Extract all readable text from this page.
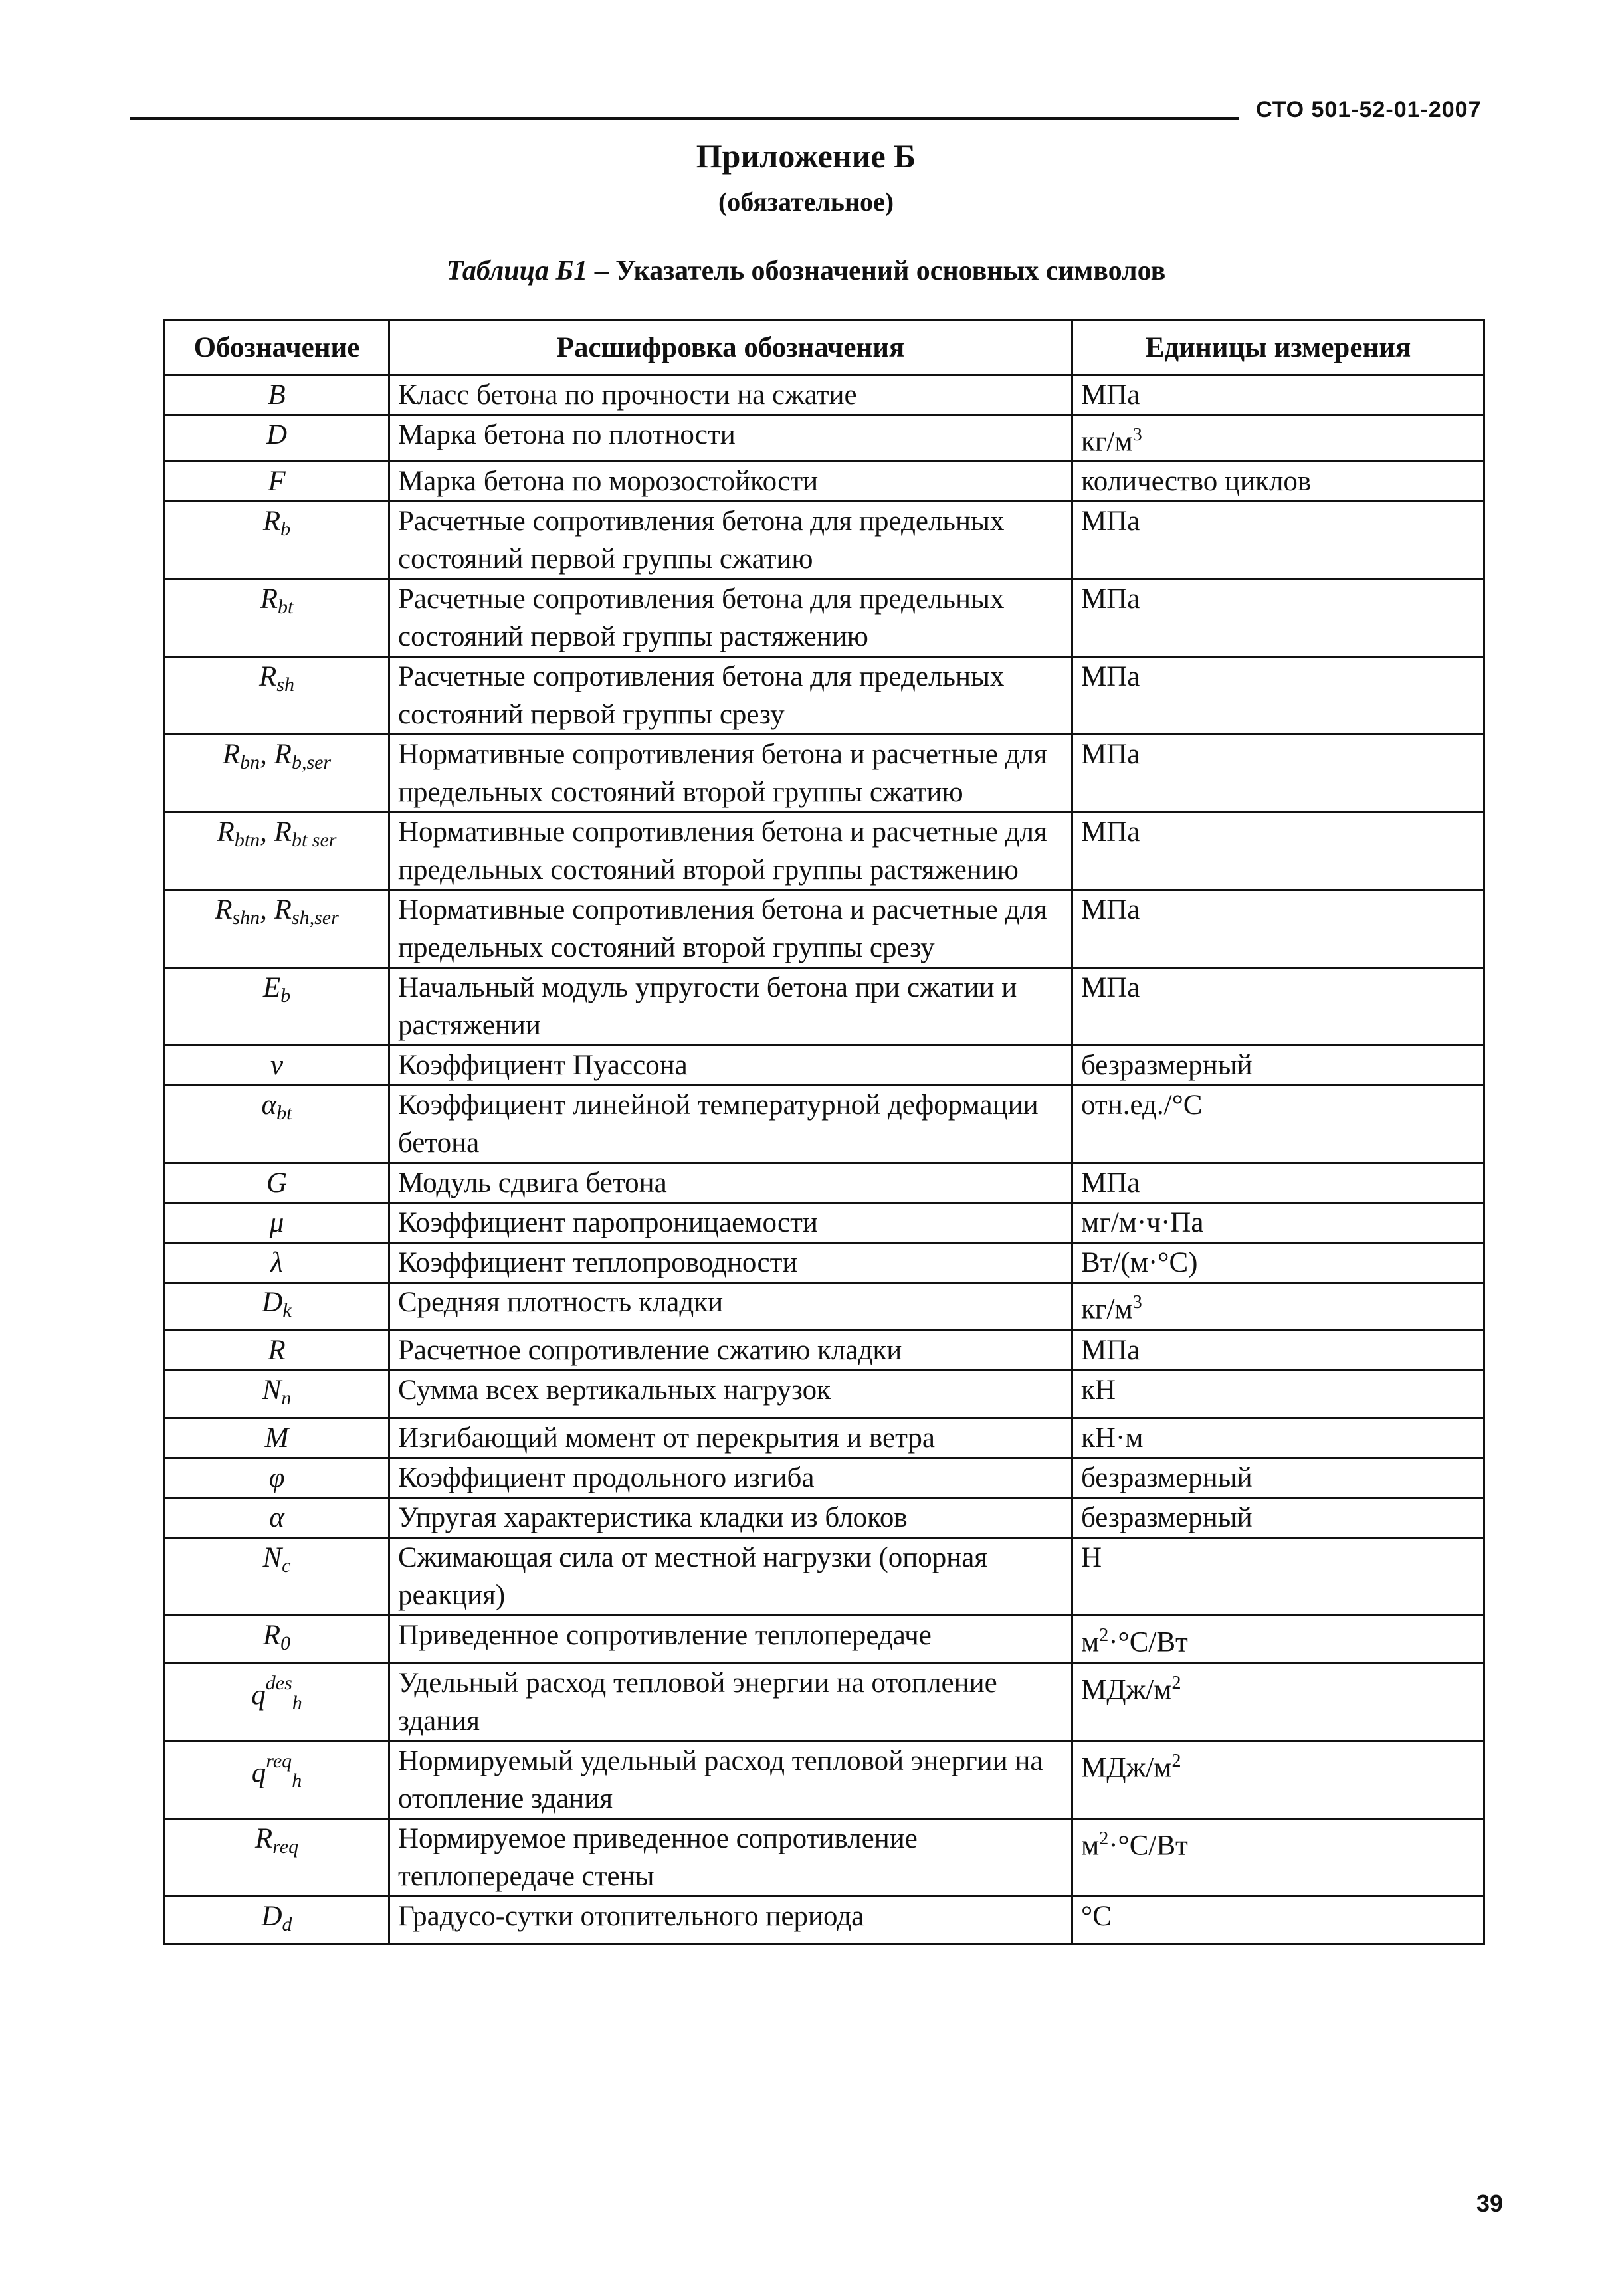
СТО 501-52-01-2007
Приложение Б
(обязательное)
Таблица Б1 – Указатель обозначений основных символов
Обозначение	Расшифровка обозначения	Единицы измерения
B	Класс бетона по прочности на сжатие	МПа
D	Марка бетона по плотности	$кг/м^3$
F	Марка бетона по морозостойкости	количество циклов
Rb	Расчетные сопротивления бетона для предельных состояний первой группы сжатию	МПа
Rbt	Расчетные сопротивления бетона для предельных состояний первой группы растяжению	МПа
Rsh	Расчетные сопротивления бетона для предельных состояний первой группы срезу	МПа
Rbn, Rb,ser	Нормативные сопротивления бетона и расчетные для предельных состояний второй группы сжатию	МПа
Rbtn, Rbt ser	Нормативные сопротивления бетона и расчетные для предельных состояний второй группы растяжению	МПа
Rshn, Rsh,ser	Нормативные сопротивления бетона и расчетные для предельных состояний второй группы срезу	МПа
Eb	Начальный модуль упругости бетона при сжатии и растяжении	МПа
ν	Коэффициент Пуассона	безразмерный
αbt	Коэффициент линейной температурной деформации бетона	отн.ед./°С
G	Модуль сдвига бетона	МПа
μ	Коэффициент паропроницаемости	мг/м·ч·Па
λ	Коэффициент теплопроводности	Вт/(м·°С)
Dk	Средняя плотность кладки	$кг/м^3$
R	Расчетное сопротивление сжатию кладки	МПа
Nn	Сумма всех вертикальных нагрузок	кН
M	Изгибающий момент от перекрытия и ветра	кН·м
φ	Коэффициент продольного изгиба	безразмерный
α	Упругая характеристика кладки из блоков	безразмерный
Nc	Сжимающая сила от местной нагрузки (опорная реакция)	Н
R0	Приведенное сопротивление теплопередаче	$м^2\cdot^\circ С/Вт$
$q^{des}h$	Удельный расход тепловой энергии на отопление здания	МДж/$м^2$
$q^{req}h$	Нормируемый удельный расход тепловой энергии на отопление здания	МДж/$м^2$
Rreq	Нормируемое приведенное сопротивление теплопередаче стены	$м^2\cdot^\circ С/Вт$
Dd	Градусо-сутки отопительного периода	°С
39
